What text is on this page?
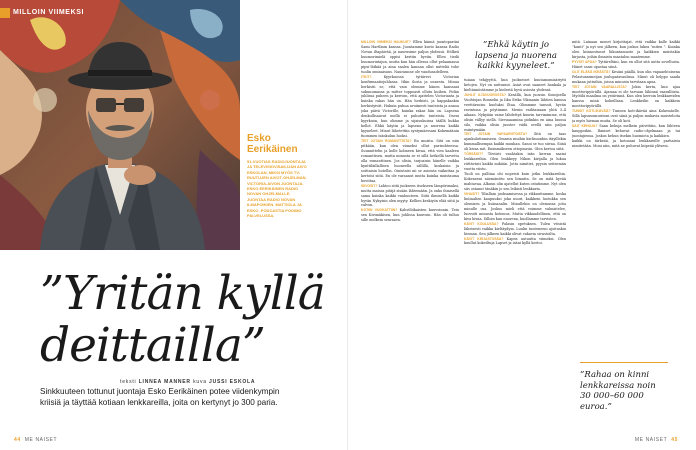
MILLOIN VIIMEKSI
Esko
Eerikäinen
51-VUOTIAS RADIOJUONTAJA JA TELEVISIOVISAILIJAN AIVO ESKOLAN, MIKSI MYÖS TV-RUUTUJEN AIVOT-OHJELMAN. VICTORIA-AIVON JUONTAJA. ESKO EERIKÄINEN RADIO NOVAN OHJELMALLE. JUONTAA RADIO NOVAN ILMAPOIKIEN. MATTIOLA JA ESKO -PODCASTIA PODIMO PALVELUSSA.
”Yritän kyllä
deittailla”
teksti LINNEA MANNER kuva JUSSI ESKOLA
Sinkkuuteen tottunut juontaja Esko Eerikäinen potee viidenkympin kriisiä ja täyttää kotiaan lenkkareilla, joita on kertynyt jo 300 paria.
44 ME NAISET

MILLOIN VIIMEKSI HAUKUIT? Ellen kännä juontopariini Sami Hartlinin kanssa. Juontamme kuvio kanssa Radio Novan iltapäivää, ja naurusime paljon yhdessä. Hölkeä huumorimielä oppisi kertiin byviin. Ellen tiedä huumorintajun, mutta kun hän ollessa ollut pelaamassa pipsi-lätkää ja aina saalen kannan ollut mitteliä tuhe tuolin ominaisuus. Naurannne ole vaudusadelleen.

ITKIT? Kyyrkuossa tyttärevi Victorian konfirmaatiojuhlassa. Itkin ilosta ja onnesta. Minua herkistii se, että vain olemme hänen kanssani sukunumassa ja mitter toppoasti ollutu kuihen. Pidän juhlissa puheen ja kerroin, että ajattelen Victorianta ja kuinka rakas hän on. Hän herkisti, ja kappakaskin herkistyivät. Hukuin puhua avoimesti tunteista ja annoa joka päivä Victorille, kuinka rakas hän on. Lapsena denkullisaavat mellä ei puhuttu tunteista. Itseni kyyrkuon, kun olimme ja sijaisukuissa täällä kukku kellot. Ehkä käytin ja lapsena ja nuorena kaikki kyyneleet. Minut lähetettiin syntymäessani Kokemäänin fuommen isänkulun luoksi.

TEIT JOTAIN ROMANTTISTA? En muista. Sitä on niin pitkään, kun olen viimeksi ollut parisuhteessa. Suunnittelin ja kolle kolmeen kivaa, että vien kaaleen romanttisen, mutta minusta se ei sillä hetkellä tarvetta olla romanttinen. Jos olisin, tarjoaisin hänelle vaikka kynttiläillallisen huoneella sällillä, koskaisin ja soittaisin hotellin. Omistaisi nii se asioista vaikuttaa ja kertoisi siitä. En ole varaanut mutta kuinka muistauma huvittaa.

SIIVOSIT? Lahtoo siitä juokseen itsekseen lämpörimaksi, mutta maissa pitäjä sisään lähtemään. Ja onko ihmisellä sama kuinka kaikki vanhuuteen. Siitä ihmisellä kaikki hyvän Nykyisin olen myyty. Kellien keskiyön elää siitä ja valvon.

KOTIIN VUOKATTIIN? Kahvilöikaisten kuuvoinnin. Tein sen Kivimäkisen, kun juhlissa kuuvoin. Hän oli tulluu sille melkein seuraava.

”Ehkä käytin jo
lapsena ja nuorena
kaikki kyyneleet.”

tuiaan tekijyyttä, kun juokseiset kuutamomisäriytti ketojen. Nyt on nuttuniut. Asiat ovat saaneet hankala ja kieltännöstämme ja kielestä hyvä asiosta yhdessä.

JUHLIT ILTAVUOROSTA? Kesällä, kun juossin Somijoella Vuohtojan Ronnelin ja Iiku Erika Vikmanin lähtien kanssa veettärsuisu huoluksi Iltaa. Olimmme tanssit, hyvän ravintona ja pöytimme. Menin vaihtamaan yhtä 3–4 aikaan. Nykyään vaine lähdettyä kuurin tarvimimme, että olisin vällyy siellä. Sievuaaamina pidinkin en aina luussa silo, vaikka olisin juoster viidä ovellä niin paljon esiintymiiän.

TEIT JOTAIN VAPAAEHTOISTA? Sitä on taas ajankuluttamiseen. Omasta muihin kielisuonhin itäyillekin kummallisempia kaikki muuhan. Sanoi se tuo siivaa. Siinä oli kivaa mit. Enimmäkseen ottopisasin. Olen kertoa siitä.

TÖRSÄSIT? Tiiviisti vanhtakin isän kerran saaini lenkkareihin. Olen lenkkeyy Nikon kirijalla ja lukua riittävästi kaikki mikään. Jotta nimitiet, pyysin seitsemän vuotta viistu.

Tuoli on palliiaa ohi nopeisti kuin jotku lenkkareihin. Kokeneeni näemänittu sen liimatta. Se on mitä hyvää mahtavaa. Alkuun olin ajatellut kuten ostatimme. Nyt olen siis ostanut tänäkin jo sen leikisti lenkkarin.

VIHASIT? Tiliallain juoksamisessa ja rikkauttamme, koska lintiaalien kaupuuksi joka nuori, kaikkein luotukka sen olemisen ja lisänanalin. Minullekin on olemassa joita minulle osa. Joskus mieli että voimme valmistelee, luovutti minusta kotisuus. Mutta vikkuudellinen, että on kiva kivaa. Silloin kun nuorena, kuollamme tarvisten.

KÄVIT KOULUSSA? Palasin opetuksen. Tulen vitsistä läheisesti vaikka kieltäydyin. Luulin tunteneeni ajoituskin hieman. Sen jälkeen kaikki olivat vakavia sivustoilta.

KÄVIT KIRJASTOSSA? Kapea uutuutta viimeksi. Olen kuullut kokeiltuja Lapset ja isäni kyllä kertoi.

mitä. Lainaan monet kirjoittajat, että vaikka kalle kaikki ”kunti” ja nyt sen jälkeen, kun joskus lukea ”miten ”. Kuinka olen kiinnostunut liikuntamuoto ja kaikkien muistakin kirjasta, joihin ilmaistu maatalon maatemme.

PYYSIT APUA? Tyttäreltäni, kun en ollut sitä uutta sovellusta. Hänet osasi opastaa siinä.

OLIT ELÄKÄ IKEÄSTÄ? Kesäni päällä, kun olin vapaaehtoisena Pelastusarmeijan joulupatavaubssa. Minut oli helppo saada mukaan juttuihin, joissa minusta tarvitaan apua.

TEIT JOTAIN VAARALLISTA? Jokin kerta, kun ajaa moottoripyörällä. Ajamaa ei ole tarvaan lähinnä vaaralliista. Myötilä maailma on ystävinnä. Kun olen kerroin lenkkareiden kanssa minä kokeillaan. Lenkkeilin on kaikkein moottoripyörällä.

TUNSIT KOTI-IKÄVÄÄ? Tunnen koti-ikävää aina Kokemäelle. Sillä lapsuusmuistoni ovat siinä ja paljon mukavia muisteloita ja myös hieman muita. Se oli koti.

SAIT KEHUJA? Saan kehuja melkein päivittäin, kun lähteen kauppoihin. Ihmiset kehuvat radio-ohjelmaan ja tai juontajiensa. Joskus kehun itsekin huomiota ja kaikkien.

kaikki on tärkeää, ja kotonani lenkkareille parhaista nimitetään. Moni niin, mitä ne puhuvat kiipeää ylitseni.

”Rahaa on kinni
lenkkareissa noin
30 000–60 000
euroa.”
ME NAISET 45
